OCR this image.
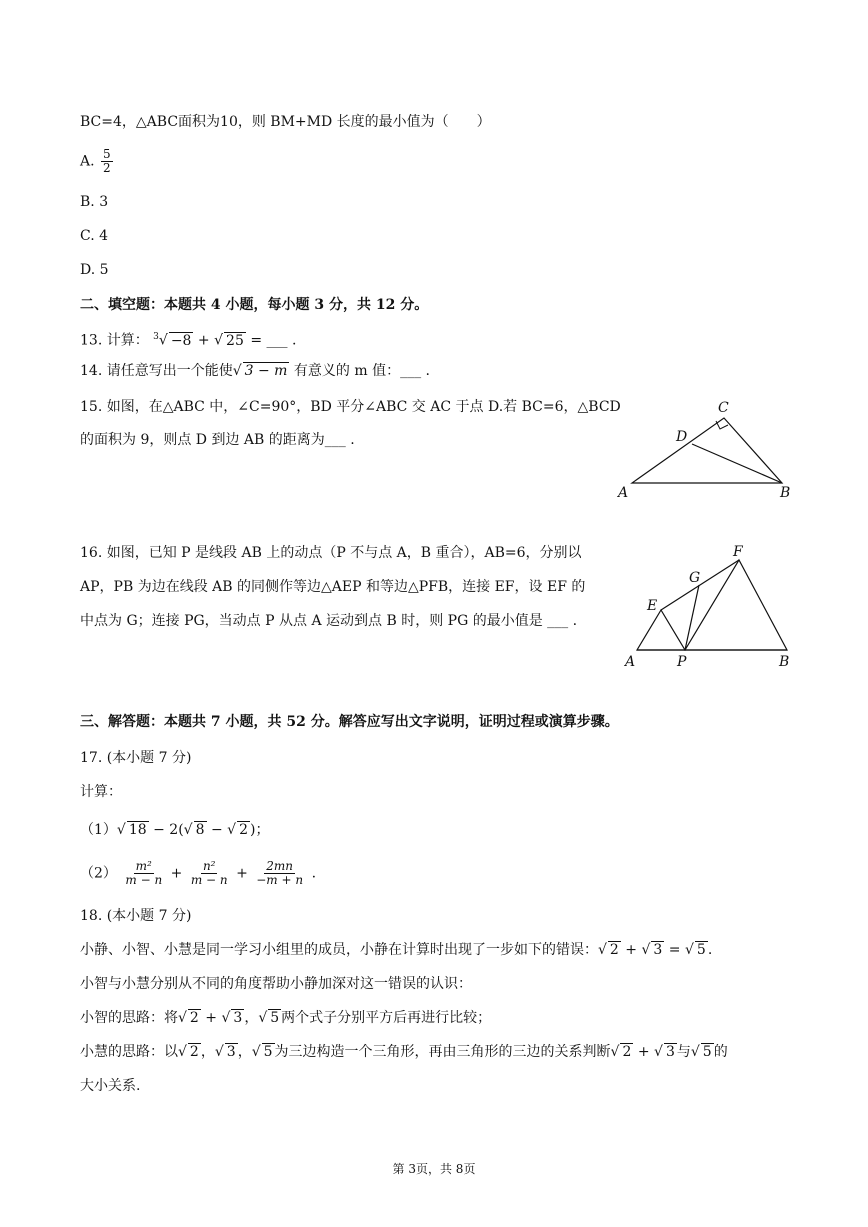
BC=4，△ABC面积为10，则 BM+MD 长度的最小值为（　　）
A. $\frac{5}{2}$
B. 3
C. 4
D. 5
二、填空题：本题共 4 小题，每小题 3 分，共 12 分。
13. 计算： $^3$√ −8 + √ 25 = ___ .
14. 请任意写出一个能使√ 3 − m 有意义的 m 值：___ .
15. 如图，在△ABC 中，∠C=90°，BD 平分∠ABC 交 AC 于点 D.若 BC=6，△BCD
的面积为 9，则点 D 到边 AB 的距离为___ .
C
D
A	B
16. 如图，已知 P 是线段 AB 上的动点（P 不与点 A，B 重合），AB=6，分别以
AP，PB 为边在线段 AB 的同侧作等边△AEP 和等边△PFB，连接 EF，设 EF 的
中点为 G；连接 PG，当动点 P 从点 A 运动到点 B 时，则 PG 的最小值是 ___ .
F
G
E
A	P	B
三、解答题：本题共 7 小题，共 52 分。解答应写出文字说明，证明过程或演算步骤。
17. (本小题 7 分)
计算：
（1）√ 18 − 2(√ 8 − √ 2 )；
$(2) \frac{\text{m²}}{m - n} + \frac{\text{n²}}{m - n} + \frac{2mn}{-m + n}$ .
18. (本小题 7 分)
小静、小智、小慧是同一学习小组里的成员，小静在计算时出现了一步如下的错误：√ 2 + √ 3 = √ 5 .
小智与小慧分别从不同的角度帮助小静加深对这一错误的认识：
小智的思路：将√ 2 + √ 3 ，√ 5 两个式子分别平方后再进行比较；
小慧的思路：以√ 2 ，√ 3 ，√ 5 为三边构造一个三角形，再由三角形的三边的关系判断√ 2 + √ 3 与√ 5 的
大小关系.
第 3页，共 8页
